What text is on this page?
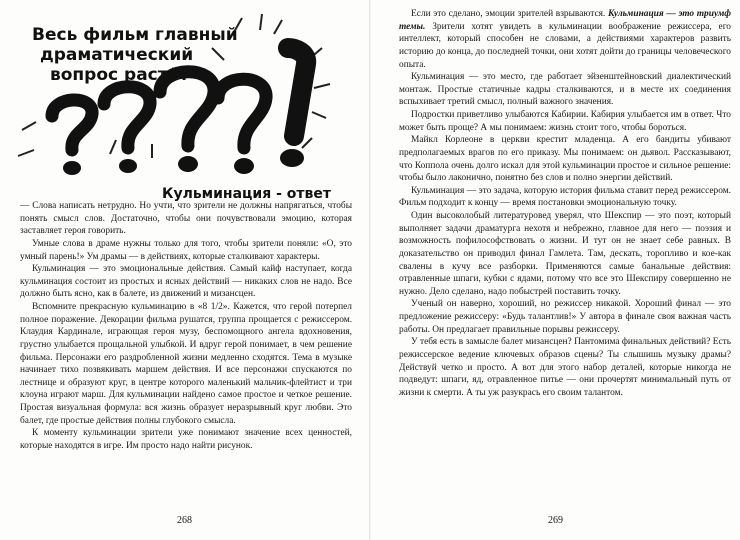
Весь фильм главный
драматический
вопрос растет
Кульминация - ответ

— Слова написать нетрудно. Но учти, что зрители не должны напрягаться, чтобы понять смысл слов. Достаточно, чтобы они почувствовали эмоцию, которая заставляет героя говорить.

Умные слова в драме нужны только для того, чтобы зрители поняли: «О, это умный парень!» Ум драмы — в действиях, которые сталкивают характеры.

Кульминация — это эмоциональные действия. Самый кайф наступает, когда кульминация состоит из простых и ясных действий — никаких слов не надо. Все должно быть ясно, как в балете, из движений и мизансцен.

Вспомните прекрасную кульминацию в «8 1/2». Кажется, что герой потерпел полное поражение. Декорации фильма рушатся, группа прощается с режиссером. Клаудия Кардинале, играющая героя музу, беспомощного ангела вдохновения, грустно улыбается прощальной улыбкой. И вдруг герой понимает, в чем решение фильма. Персонажи его раздробленной жизни медленно сходятся. Тема в музыке начинает тихо позвякивать маршем действия. И все персонажи спускаются по лестнице и образуют круг, в центре которого маленький мальчик-флейтист и три клоуна играют марш. Для кульминации найдено самое простое и четкое решение. Простая визуальная формула: вся жизнь образует неразрывный круг любви. Это балет, где простые действия полны глубокого смысла.

К моменту кульминации зрители уже понимают значение всех ценностей, которые находятся в игре. Им просто надо найти рисунок.

268

Если это сделано, эмоции зрителей взрываются. Кульминация — это триумф темы. Зрители хотят увидеть в кульминации воображение режиссера, его интеллект, который способен не словами, а действиями характеров развить историю до конца, до последней точки, они хотят дойти до границы человеческого опыта.

Кульминация — это место, где работает эйзенштейновский диалектический монтаж. Простые статичные кадры сталкиваются, и в месте их соединения вспыхивает третий смысл, полный важного значения.

Подростки приветливо улыбаются Кабирии. Кабирия улыбается им в ответ. Что может быть проще? А мы понимаем: жизнь стоит того, чтобы бороться.

Майкл Корлеоне в церкви крестит младенца. А его бандиты убивают предполагаемых врагов по его приказу. Мы понимаем: он дьявол. Рассказывают, что Коппола очень долго искал для этой кульминации простое и сильное решение: чтобы было лаконично, понятно без слов и полно энергии действий.

Кульминация — это задача, которую история фильма ставит перед режиссером. Фильм подходит к концу — время постановки эмоциональную точку.

Один высоколобый литературовед уверял, что Шекспир — это поэт, который выполняет задачи драматурга нехотя и небрежно, главное для него — поэзия и возможность пофилософствовать о жизни. И тут он не знает себе равных. В доказательство он приводил финал Гамлета. Там, дескать, торопливо и кое-как свалены в кучу все разборки. Применяются самые банальные действия: отравленные шпаги, кубки с ядами, потому что все это Шекспиру совершенно не нужно. Дело сделано, надо побыстрей поставить точку.

Ученый он наверно, хороший, но режиссер никакой. Хороший финал — это предложение режиссеру: «Будь талантлив!» У автора в финале своя важная часть работы. Он предлагает правильные порывы режиссеру.

У тебя есть в замысле балет мизансцен? Пантомима финальных действий? Есть режиссерское ведение ключевых образов сцены? Ты слышишь музыку драмы? Действуй четко и просто. А вот для этого набор деталей, которые никогда не подведут: шпаги, яд, отравленное питье — они прочертят минимальный путь от жизни к смерти. А ты уж разукрась его своим талантом.

269
